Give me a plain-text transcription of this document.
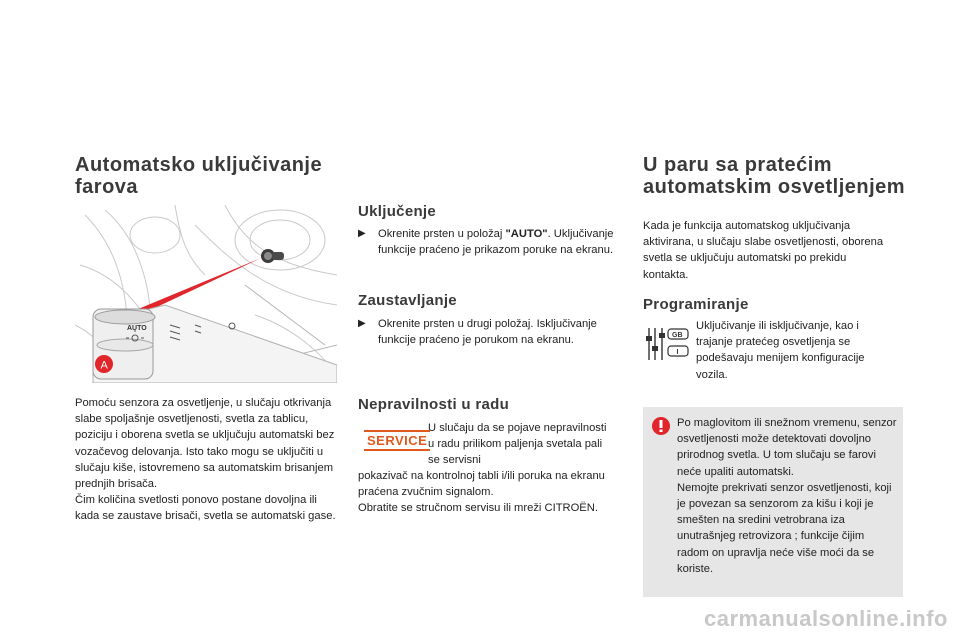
Automatsko uključivanje farova
AUTO
A
Pomoću senzora za osvetljenje, u slučaju otkrivanja slabe spoljašnje osvetljenosti, svetla za tablicu, poziciju i oborena svetla se uključuju automatski bez vozačevog delovanja. Isto tako mogu se uključiti u slučaju kiše, istovremeno sa automatskim brisanjem prednjih brisača.
Čim količina svetlosti ponovo postane dovoljna ili kada se zaustave brisači, svetla se automatski gase.
Uključenje
▶	Okrenite prsten u položaj "AUTO". Uključivanje funkcije praćeno je prikazom poruke na ekranu.
Zaustavljanje
▶	Okrenite prsten u drugi položaj. Isključivanje funkcije praćeno je porukom na ekranu.
Nepravilnosti u radu
SERVICE
U slučaju da se pojave nepravilnosti u radu prilikom paljenja svetala pali se servisni
pokazivač na kontrolnoj tabli i/ili poruka na ekranu praćena zvučnim signalom.
Obratite se stručnom servisu ili mreži CITROËN.
U paru sa pratećim automatskim osvetljenjem
Kada je funkcija automatskog uključivanja aktivirana, u slučaju slabe osvetljenosti, oborena svetla se uključuju automatski po prekidu kontakta.
Programiranje
GB
I
Uključivanje ili isključivanje, kao i trajanje pratećeg osvetljenja se podešavaju menijem konfiguracije vozila.
Po maglovitom ili snežnom vremenu, senzor osvetljenosti može detektovati dovoljno prirodnog svetla. U tom slučaju se farovi neće upaliti automatski.
Nemojte prekrivati senzor osvetljenosti, koji je povezan sa senzorom za kišu i koji je smešten na sredini vetrobrana iza unutrašnjeg retrovizora ; funkcije čijim radom on upravlja neće više moći da se koriste.
carmanualsonline.info
